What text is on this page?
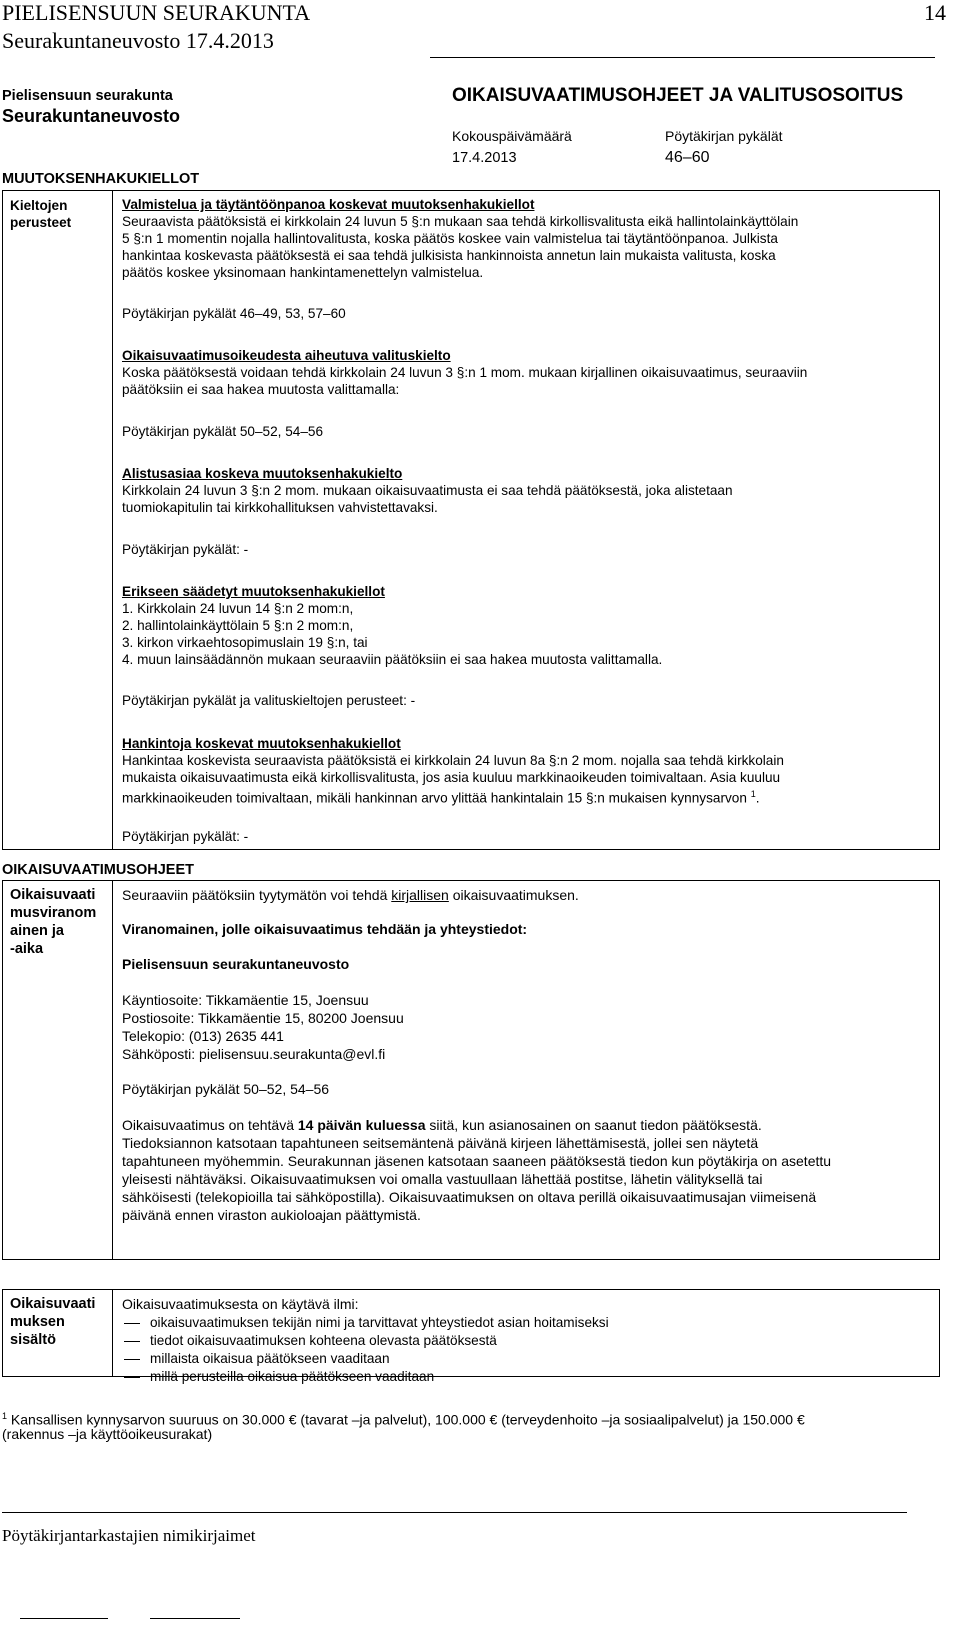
PIELISENSUUN SEURAKUNTA
Seurakuntaneuvosto 17.4.2013
14
Pielisensuun seurakunta
Seurakuntaneuvosto
OIKAISUVAATIMUSOHJEET JA VALITUSOSOITUS
Kokouspäivämäärä	Pöytäkirjan pykälät
17.4.2013	46–60
MUUTOKSENHAKUKIELLOT
Kieltojen
perusteet
Valmistelua ja täytäntöönpanoa koskevat muutoksenhakukiellot
Seuraavista päätöksistä ei kirkkolain 24 luvun 5 §:n mukaan saa tehdä kirkollisvalitusta eikä hallintolainkäyttölain
5 §:n 1 momentin nojalla hallintovalitusta, koska päätös koskee vain valmistelua tai täytäntöönpanoa. Julkista
hankintaa koskevasta päätöksestä ei saa tehdä julkisista hankinnoista annetun lain mukaista valitusta, koska
päätös koskee yksinomaan hankintamenettelyn valmistelua.
Pöytäkirjan pykälät 46–49, 53, 57–60
Oikaisuvaatimusoikeudesta aiheutuva valituskielto
Koska päätöksestä voidaan tehdä kirkkolain 24 luvun 3 §:n 1 mom. mukaan kirjallinen oikaisuvaatimus, seuraaviin
päätöksiin ei saa hakea muutosta valittamalla:
Pöytäkirjan pykälät 50–52, 54–56
Alistusasiaa koskeva muutoksenhakukielto
Kirkkolain 24 luvun 3 §:n 2 mom. mukaan oikaisuvaatimusta ei saa tehdä päätöksestä, joka alistetaan
tuomiokapitulin tai kirkkohallituksen vahvistettavaksi.
Pöytäkirjan pykälät: -
Erikseen säädetyt muutoksenhakukiellot
1. Kirkkolain 24 luvun 14 §:n 2 mom:n,
2. hallintolainkäyttölain 5 §:n 2 mom:n,
3. kirkon virkaehtosopimuslain 19 §:n, tai
4. muun lainsäädännön mukaan seuraaviin päätöksiin ei saa hakea muutosta valittamalla.
Pöytäkirjan pykälät ja valituskieltojen perusteet: -
Hankintoja koskevat muutoksenhakukiellot
Hankintaa koskevista seuraavista päätöksistä ei kirkkolain 24 luvun 8a §:n 2 mom. nojalla saa tehdä kirkkolain
mukaista oikaisuvaatimusta eikä kirkollisvalitusta, jos asia kuuluu markkinaoikeuden toimivaltaan. Asia kuuluu
markkinaoikeuden toimivaltaan, mikäli hankinnan arvo ylittää hankintalain 15 §:n mukaisen kynnysarvon $^1$.
Pöytäkirjan pykälät: -
OIKAISUVAATIMUSOHJEET
Oikaisuvaati
musviranom
ainen ja
-aika
Seuraaviin päätöksiin tyytymätön voi tehdä kirjallisen oikaisuvaatimuksen.
Viranomainen, jolle oikaisuvaatimus tehdään ja yhteystiedot:
Pielisensuun seurakuntaneuvosto
Käyntiosoite: Tikkamäentie 15, Joensuu
Postiosoite: Tikkamäentie 15, 80200 Joensuu
Telekopio: (013) 2635 441
Sähköposti: pielisensuu.seurakunta@evl.fi
Pöytäkirjan pykälät 50–52, 54–56
Oikaisuvaatimus on tehtävä 14 päivän kuluessa siitä, kun asianosainen on saanut tiedon päätöksestä.
Tiedoksiannon katsotaan tapahtuneen seitsemäntenä päivänä kirjeen lähettämisestä, jollei sen näytetä
tapahtuneen myöhemmin. Seurakunnan jäsenen katsotaan saaneen päätöksestä tiedon kun pöytäkirja on asetettu
yleisesti nähtäväksi. Oikaisuvaatimuksen voi omalla vastuullaan lähettää postitse, lähetin välityksellä tai
sähköisesti (telekopioilla tai sähköpostilla). Oikaisuvaatimuksen on oltava perillä oikaisuvaatimusajan viimeisenä
päivänä ennen viraston aukioloajan päättymistä.
Oikaisuvaati
muksen
sisältö
Oikaisuvaatimuksesta on käytävä ilmi:
oikaisuvaatimuksen tekijän nimi ja tarvittavat yhteystiedot asian hoitamiseksi
tiedot oikaisuvaatimuksen kohteena olevasta päätöksestä
millaista oikaisua päätökseen vaaditaan
millä perusteilla oikaisua päätökseen vaaditaan
$^1$ Kansallisen kynnysarvon suuruus on 30.000 € (tavarat –ja palvelut), 100.000 € (terveydenhoito –ja sosiaalipalvelut) ja 150.000 €
(rakennus –ja käyttöoikeusurakat)
Pöytäkirjantarkastajien nimikirjaimet
